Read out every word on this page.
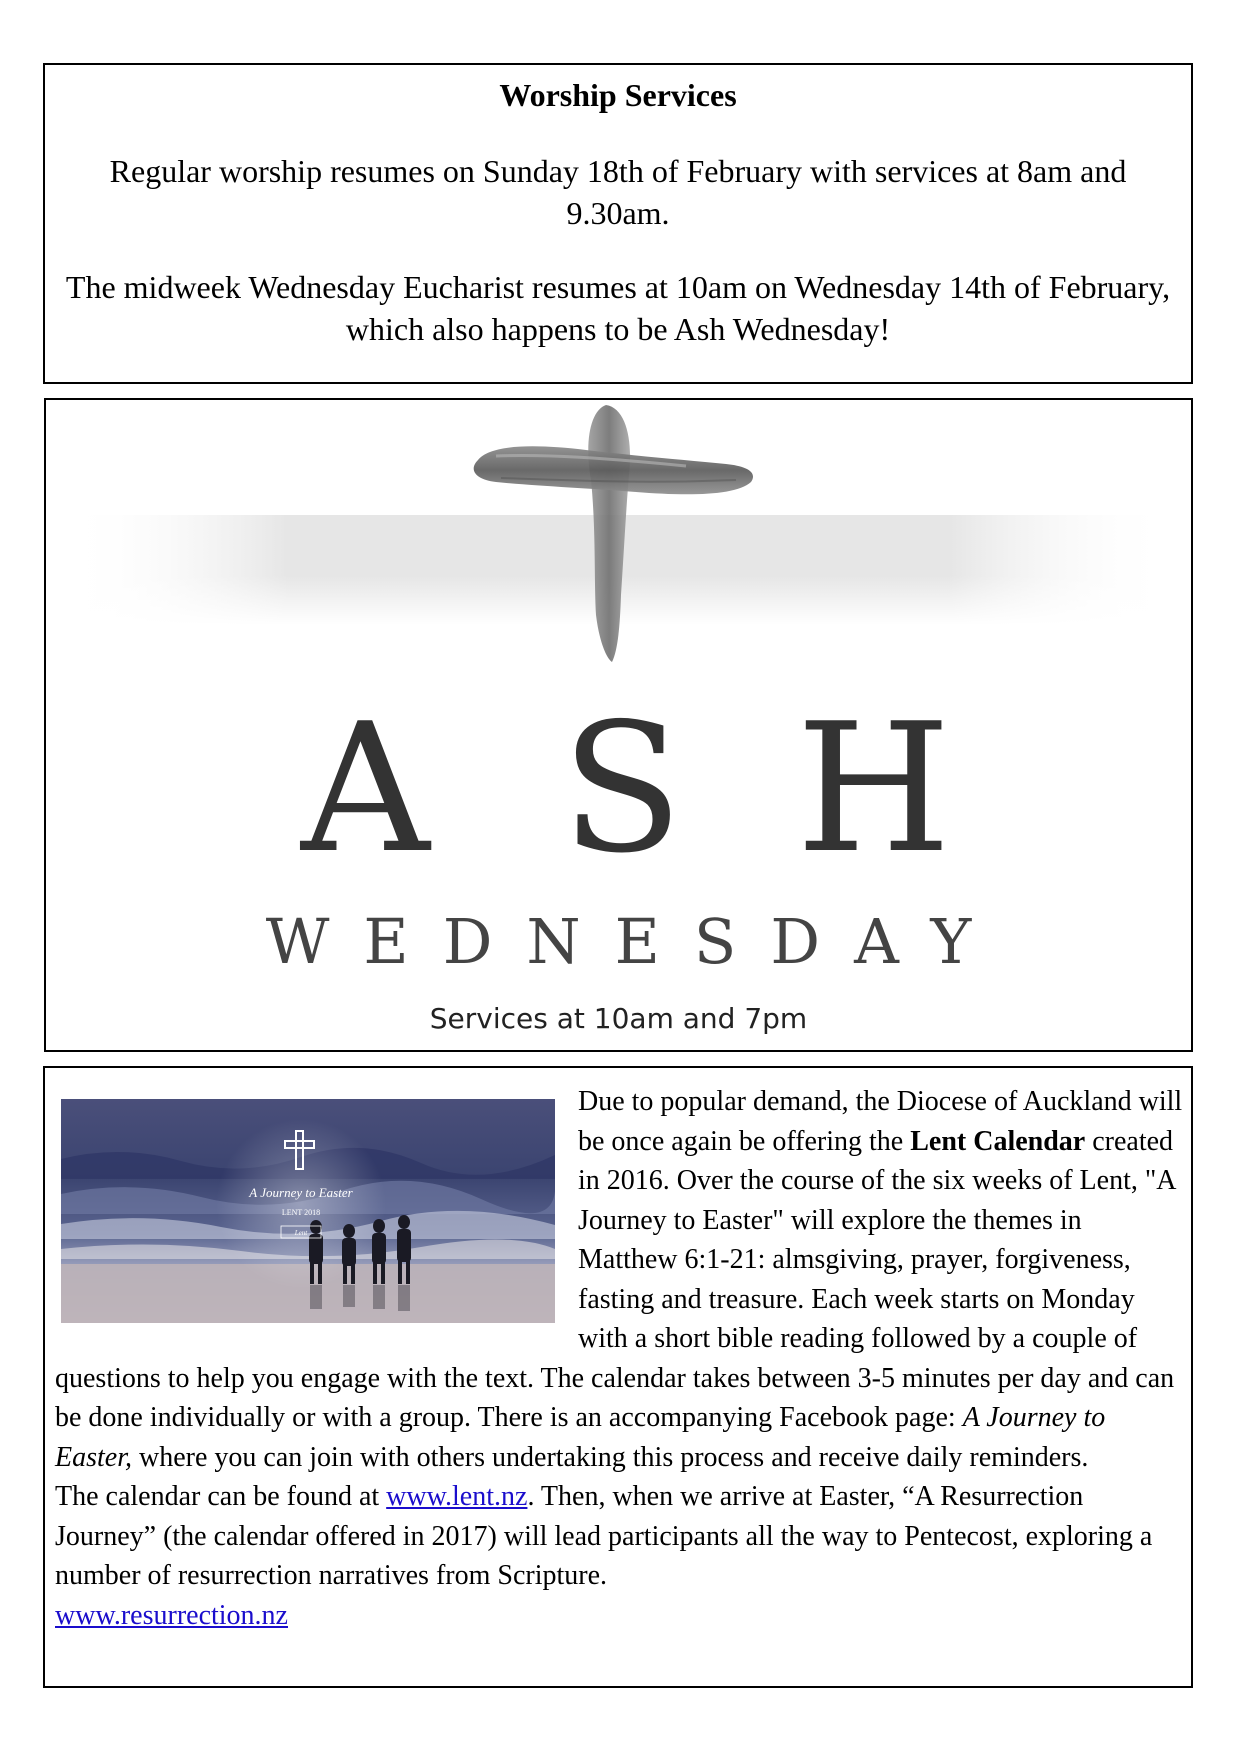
Worship Services
Regular worship resumes on Sunday 18th of February with services at 8am and 9.30am.
The midweek Wednesday Eucharist resumes at 10am on Wednesday 14th of February, which also happens to be Ash Wednesday!
A S H
WEDNESDAY
Services at 10am and 7pm
Due to popular demand, the Diocese of Auckland will be once again be offering the Lent Calendar created in 2016. Over the course of the six weeks of Lent, "A Journey to Easter" will explore the themes in Matthew 6:1-21: almsgiving, prayer, forgiveness, fasting and treasure. Each week starts on Monday with a short bible reading followed by a couple of questions to help you engage with the text. The calendar takes between 3-5 minutes per day and can be done individually or with a group. There is an accompanying Facebook page: A Journey to Easter, where you can join with others undertaking this process and receive daily reminders.
The calendar can be found at www.lent.nz. Then, when we arrive at Easter, “A Resurrection Journey” (the calendar offered in 2017) will lead participants all the way to Pentecost, exploring a number of resurrection narratives from Scripture.
www.resurrection.nz
A Journey to Easter
LENT 2018
Lent
